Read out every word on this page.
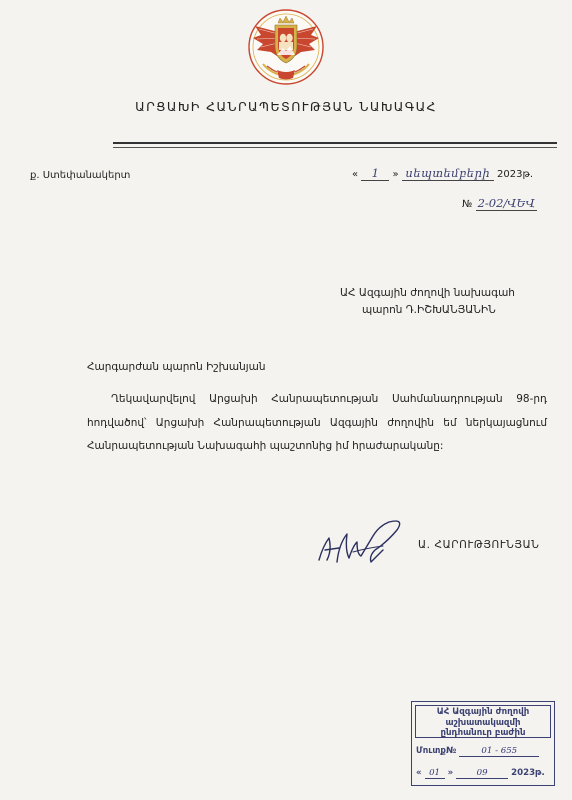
ԱՐՑԱԽԻ ՀԱՆՐԱՊԵՏՈՒԹՅԱՆ ՆԱԽԱԳԱՀ
ք. Ստեփանակերտ	« 1 » սեպտեմբերի 2023թ.
№ 2-02/ՎԵՎ
ԱՀ Ազգային ժողովի նախագահ
պարոն Դ.ԻՇԽԱՆՅԱՆԻՆ
Հարգարժան պարոն Իշխանյան

Ղեկավարվելով Արցախի Հանրապետության Սահմանադրության 98-րդ հոդվածով՝ Արցախի Հանրապետության Ազգային ժողովին եմ ներկայացնում Հանրապետության Նախագահի պաշտոնից իմ հրաժարականը:

Ա. ՀԱՐՈՒԹՅՈՒՆՅԱՆ
ԱՀ Ազգային ժողովի
աշխատակազմի
ընդհանուր բաժին
Մուտք№	01 - 655
« 01 »	09	2023թ.
